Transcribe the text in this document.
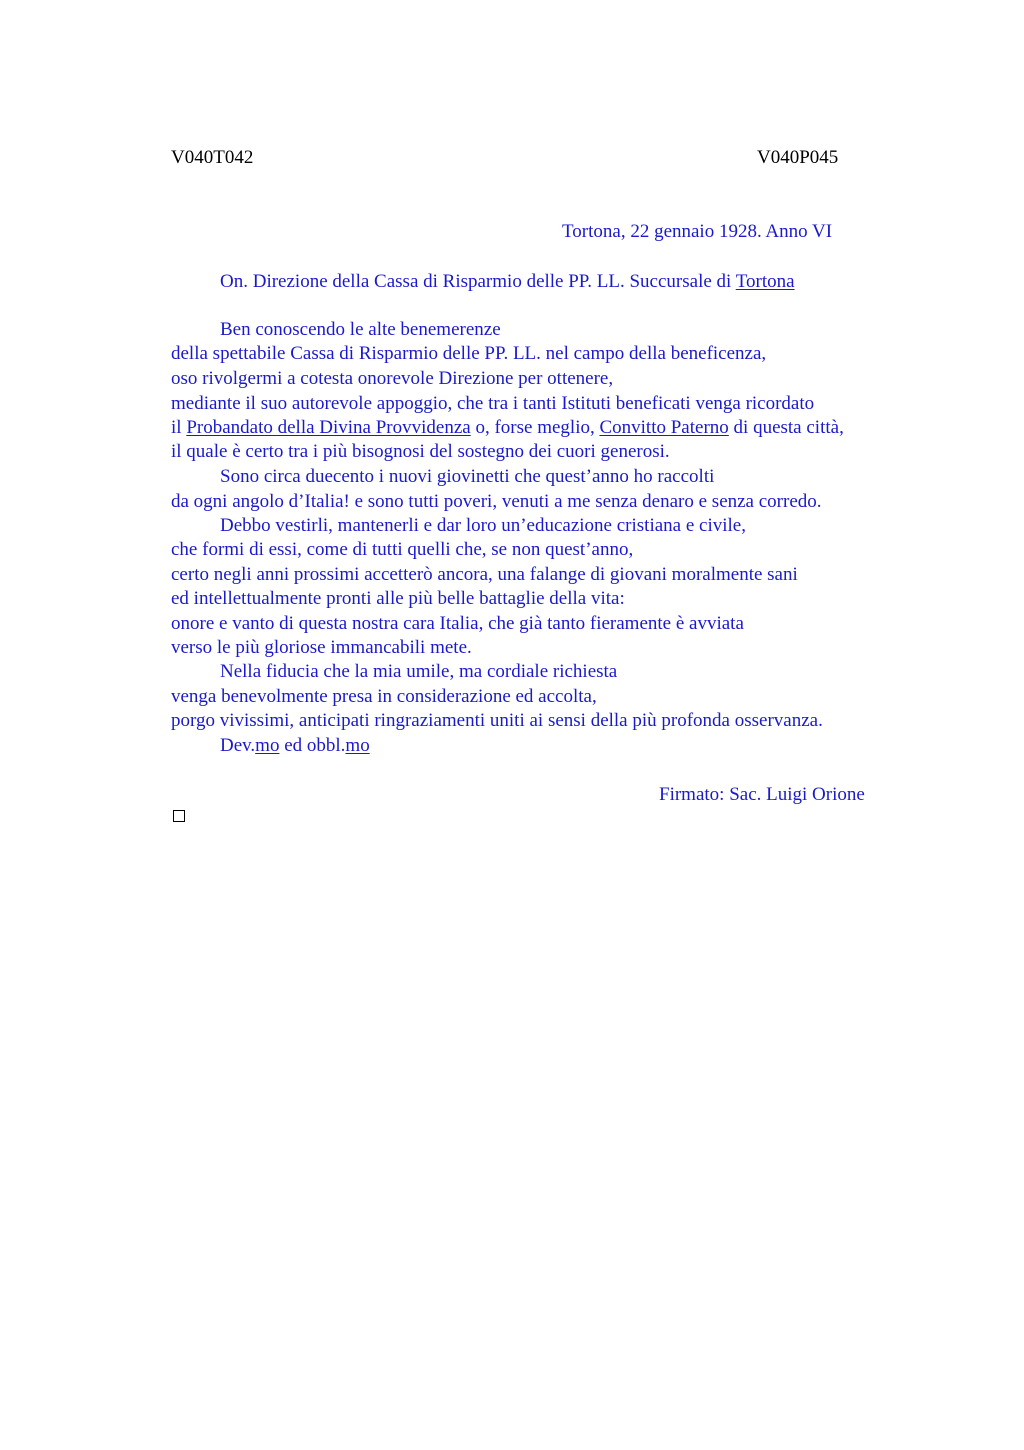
V040T042	V040P045
Tortona, 22 gennaio 1928. Anno VI
On. Direzione della Cassa di Risparmio delle PP. LL. Succursale di Tortona
Ben conoscendo le alte benemerenze
della spettabile Cassa di Risparmio delle PP. LL. nel campo della beneficenza,
oso rivolgermi a cotesta onorevole Direzione per ottenere,
mediante il suo autorevole appoggio, che tra i tanti Istituti beneficati venga ricordato
il Probandato della Divina Provvidenza o, forse meglio, Convitto Paterno di questa città,
il quale è certo tra i più bisognosi del sostegno dei cuori generosi.
Sono circa duecento i nuovi giovinetti che quest’anno ho raccolti
da ogni angolo d’Italia! e sono tutti poveri, venuti a me senza denaro e senza corredo.
Debbo vestirli, mantenerli e dar loro un’educazione cristiana e civile,
che formi di essi, come di tutti quelli che, se non quest’anno,
certo negli anni prossimi accetterò ancora, una falange di giovani moralmente sani
ed intellettualmente pronti alle più belle battaglie della vita:
onore e vanto di questa nostra cara Italia, che già tanto fieramente è avviata
verso le più gloriose immancabili mete.
Nella fiducia che la mia umile, ma cordiale richiesta
venga benevolmente presa in considerazione ed accolta,
porgo vivissimi, anticipati ringraziamenti uniti ai sensi della più profonda osservanza.
Dev.mo ed obbl.mo
Firmato: Sac. Luigi Orione
